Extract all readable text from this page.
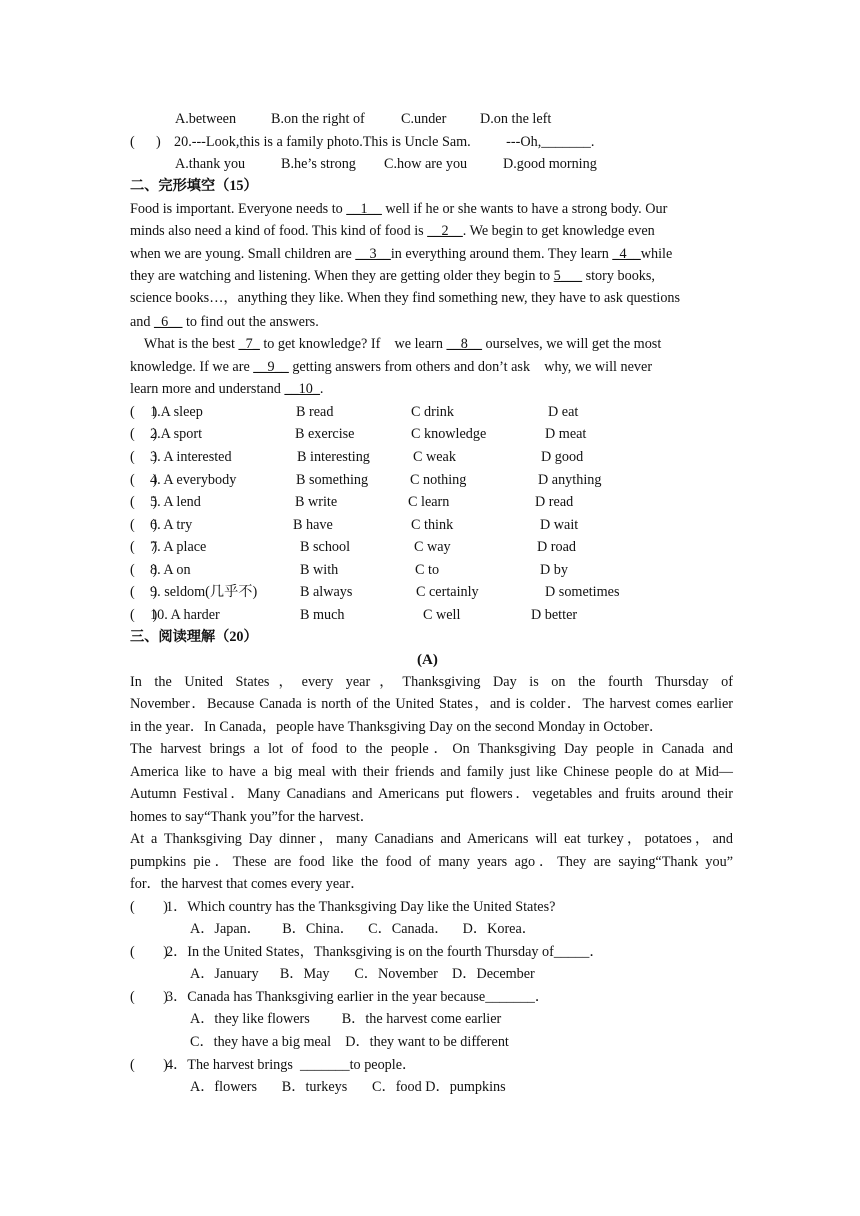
A.between B.on the right of	C.under D.on the left
(      ) 20.---Look,this is a family photo.This is Uncle Sam.          ---Oh,_______.
A.thank you	B.he’s strong C.how are you	D.good morning
二、完形填空（15）
Food is important. Everyone needs to __1__ well if he or she wants to have a strong body. Our
minds also need a kind of food. This kind of food is __2__. We begin to get knowledge even
when we are young. Small children are __3__in everything around them. They learn _4__while
they are watching and listening. When they are getting older they begin to 5___ story books,
science books…，anything they like. When they find something new, they have to ask questions
and _6__ to find out the answers.
What is the best _7_ to get knowledge? If    we learn __8__ ourselves, we will get the most
knowledge. If we are __9__ getting answers from others and don’t ask    why, we will never
learn more and understand __10_.
(     )
1.A sleep	B read	C drink	D eat
(     )
2.A sport	B exercise	C knowledge	D meat
(     )
3. A interested	B interesting	C weak	D good
(     )
4. A everybody	B something	C nothing	D anything
(     )
5. A lend	B write	C learn	D read
(     )
6. A try	B have	C think	D wait
(     )
7. A place	B school	C way	D road
(     )
8. A on	B with	C to	D by
(     )
9. seldom(几乎不)	B always	C certainly	D sometimes
(     )
10. A harder	B much	C well	D better
三、阅读理解（20）
(A)
In the United States，every year，Thanksgiving Day is on the fourth Thursday of
November．Because Canada is north of the United States，and is colder．The harvest comes earlier
in the year．In Canada，people have Thanksgiving Day on the second Monday in October．
The harvest brings a lot of food to the people．On Thanksgiving Day people in Canada and
America like to have a big meal with their friends and family just like Chinese people do at Mid—
Autumn Festival．Many Canadians and Americans put flowers．vegetables and fruits around their
homes to say“Thank you”for the harvest．
At a Thanksgiving Day dinner，many Canadians and Americans will eat turkey，potatoes，and
pumpkins pie．These are food like the food of many years ago．They are saying“Thank you”
for．the harvest that comes every year．
(        )
1．Which country has the Thanksgiving Day like the United States?
A．Japan．      B．China．    C．Canada．    D．Korea．
(        )
2．In the United States，Thanksgiving is on the fourth Thursday of_____．
A．January      B．May       C．November    D．December
(        )
3．Canada has Thanksgiving earlier in the year because_______．
A．they like flowers         B．the harvest come earlier
C．they have a big meal    D．they want to be different
(        )
4．The harvest brings  _______to people．
A．flowers       B．turkeys       C．food D．pumpkins
